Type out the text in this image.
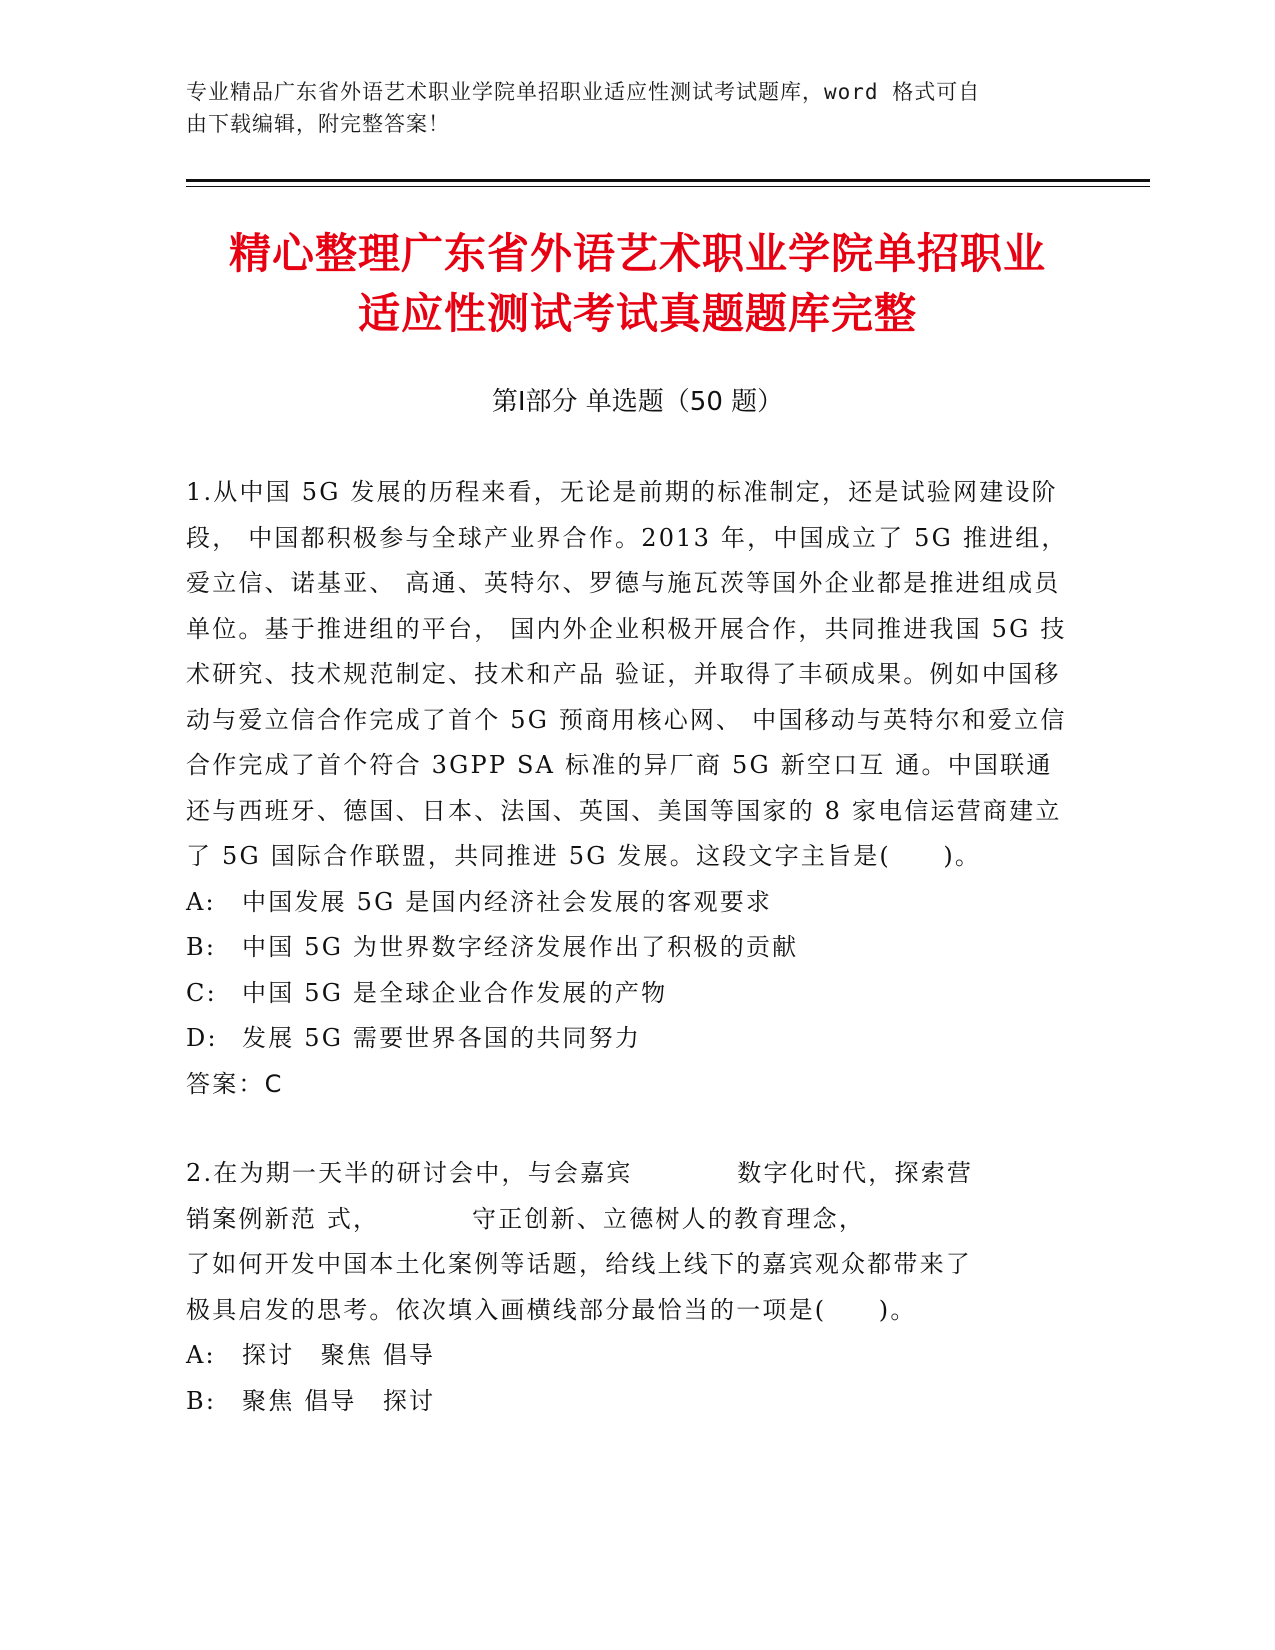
专业精品广东省外语艺术职业学院单招职业适应性测试考试题库，word 格式可自
由下载编辑，附完整答案！
精心整理广东省外语艺术职业学院单招职业
适应性测试考试真题题库完整
第Ⅰ部分 单选题（50 题）

1.从中国 5G 发展的历程来看，无论是前期的标准制定，还是试验网建设阶段， 中国都积极参与全球产业界合作。2013 年，中国成立了 5G 推进组，爱立信、诺基亚、 高通、英特尔、罗德与施瓦茨等国外企业都是推进组成员单位。基于推进组的平台， 国内外企业积极开展合作，共同推进我国 5G 技术研究、技术规范制定、技术和产品 验证，并取得了丰硕成果。例如中国移动与爱立信合作完成了首个 5G 预商用核心网、 中国移动与英特尔和爱立信合作完成了首个符合 3GPP SA 标准的异厂商 5G 新空口互 通。中国联通还与西班牙、德国、日本、法国、英国、美国等国家的 8 家电信运营商建立了 5G 国际合作联盟，共同推进 5G 发展。这段文字主旨是(　　)。

A: 中国发展 5G 是国内经济社会发展的客观要求

B: 中国 5G 为世界数字经济发展作出了积极的贡献

C: 中国 5G 是全球企业合作发展的产物

D: 发展 5G 需要世界各国的共同努力

答案：C

2.在为期一天半的研讨会中，与会嘉宾　　　　数字化时代，探索营

销案例新范 式，　　　　守正创新、立德树人的教育理念，

了如何开发中国本土化案例等话题，给线上线下的嘉宾观众都带来了

极具启发的思考。依次填入画横线部分最恰当的一项是(　　)。

A: 探讨　聚焦 倡导

B: 聚焦 倡导　探讨
